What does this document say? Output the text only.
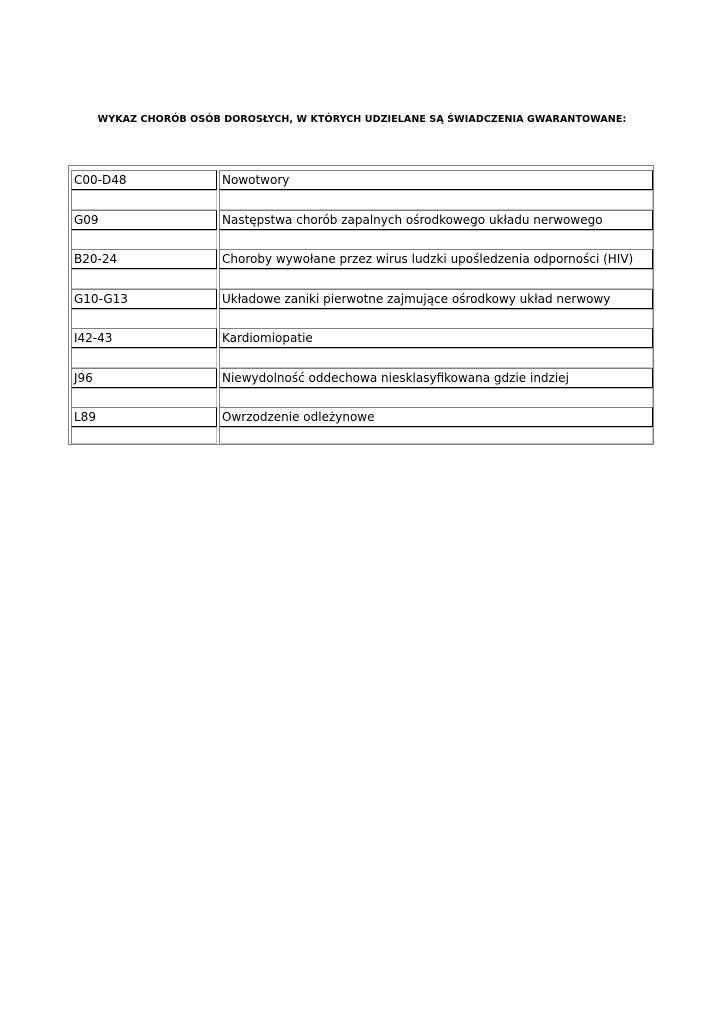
WYKAZ CHORÓB OSÓB DOROSŁYCH, W KTÓRYCH UDZIELANE SĄ ŚWIADCZENIA GWARANTOWANE:
C00-D48	Nowotwory
G09	Następstwa chorób zapalnych ośrodkowego układu nerwowego
B20-24	Choroby wywołane przez wirus ludzki upośledzenia odporności (HIV)
G10-G13	Układowe zaniki pierwotne zajmujące ośrodkowy układ nerwowy
I42-43	Kardiomiopatie
J96	Niewydolność oddechowa niesklasyfikowana gdzie indziej
L89	Owrzodzenie odleżynowe
